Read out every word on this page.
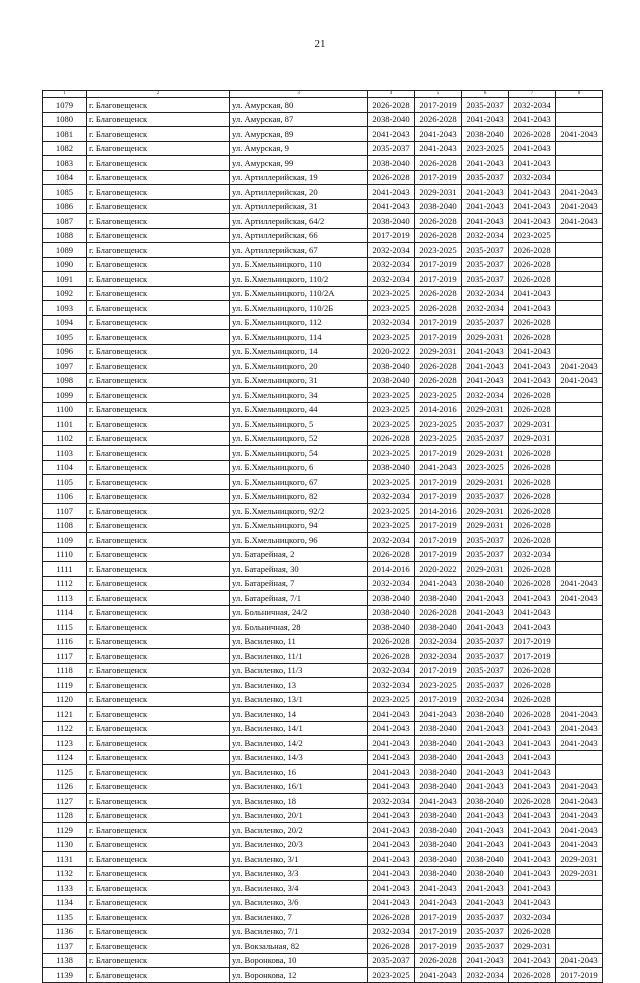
21
1	2	3	4	5	6	7	8
1079	г. Благовещенск	ул. Амурская, 80	2026-2028	2017-2019	2035-2037	2032-2034	
1080	г. Благовещенск	ул. Амурская, 87	2038-2040	2026-2028	2041-2043	2041-2043	
1081	г. Благовещенск	ул. Амурская, 89	2041-2043	2041-2043	2038-2040	2026-2028	2041-2043
1082	г. Благовещенск	ул. Амурская, 9	2035-2037	2041-2043	2023-2025	2041-2043	
1083	г. Благовещенск	ул. Амурская, 99	2038-2040	2026-2028	2041-2043	2041-2043	
1084	г. Благовещенск	ул. Артиллерийская, 19	2026-2028	2017-2019	2035-2037	2032-2034	
1085	г. Благовещенск	ул. Артиллерийская, 20	2041-2043	2029-2031	2041-2043	2041-2043	2041-2043
1086	г. Благовещенск	ул. Артиллерийская, 31	2041-2043	2038-2040	2041-2043	2041-2043	2041-2043
1087	г. Благовещенск	ул. Артиллерийская, 64/2	2038-2040	2026-2028	2041-2043	2041-2043	2041-2043
1088	г. Благовещенск	ул. Артиллерийская, 66	2017-2019	2026-2028	2032-2034	2023-2025	
1089	г. Благовещенск	ул. Артиллерийская, 67	2032-2034	2023-2025	2035-2037	2026-2028	
1090	г. Благовещенск	ул. Б.Хмельницкого, 110	2032-2034	2017-2019	2035-2037	2026-2028	
1091	г. Благовещенск	ул. Б.Хмельницкого, 110/2	2032-2034	2017-2019	2035-2037	2026-2028	
1092	г. Благовещенск	ул. Б.Хмельницкого, 110/2А	2023-2025	2026-2028	2032-2034	2041-2043	
1093	г. Благовещенск	ул. Б.Хмельницкого, 110/2Б	2023-2025	2026-2028	2032-2034	2041-2043	
1094	г. Благовещенск	ул. Б.Хмельницкого, 112	2032-2034	2017-2019	2035-2037	2026-2028	
1095	г. Благовещенск	ул. Б.Хмельницкого, 114	2023-2025	2017-2019	2029-2031	2026-2028	
1096	г. Благовещенск	ул. Б.Хмельницкого, 14	2020-2022	2029-2031	2041-2043	2041-2043	
1097	г. Благовещенск	ул. Б.Хмельницкого, 20	2038-2040	2026-2028	2041-2043	2041-2043	2041-2043
1098	г. Благовещенск	ул. Б.Хмельницкого, 31	2038-2040	2026-2028	2041-2043	2041-2043	2041-2043
1099	г. Благовещенск	ул. Б.Хмельницкого, 34	2023-2025	2023-2025	2032-2034	2026-2028	
1100	г. Благовещенск	ул. Б.Хмельницкого, 44	2023-2025	2014-2016	2029-2031	2026-2028	
1101	г. Благовещенск	ул. Б.Хмельницкого, 5	2023-2025	2023-2025	2035-2037	2029-2031	
1102	г. Благовещенск	ул. Б.Хмельницкого, 52	2026-2028	2023-2025	2035-2037	2029-2031	
1103	г. Благовещенск	ул. Б.Хмельницкого, 54	2023-2025	2017-2019	2029-2031	2026-2028	
1104	г. Благовещенск	ул. Б.Хмельницкого, 6	2038-2040	2041-2043	2023-2025	2026-2028	
1105	г. Благовещенск	ул. Б.Хмельницкого, 67	2023-2025	2017-2019	2029-2031	2026-2028	
1106	г. Благовещенск	ул. Б.Хмельницкого, 82	2032-2034	2017-2019	2035-2037	2026-2028	
1107	г. Благовещенск	ул. Б.Хмельницкого, 92/2	2023-2025	2014-2016	2029-2031	2026-2028	
1108	г. Благовещенск	ул. Б.Хмельницкого, 94	2023-2025	2017-2019	2029-2031	2026-2028	
1109	г. Благовещенск	ул. Б.Хмельницкого, 96	2032-2034	2017-2019	2035-2037	2026-2028	
1110	г. Благовещенск	ул. Батарейная, 2	2026-2028	2017-2019	2035-2037	2032-2034	
1111	г. Благовещенск	ул. Батарейная, 30	2014-2016	2020-2022	2029-2031	2026-2028	
1112	г. Благовещенск	ул. Батарейная, 7	2032-2034	2041-2043	2038-2040	2026-2028	2041-2043
1113	г. Благовещенск	ул. Батарейная, 7/1	2038-2040	2038-2040	2041-2043	2041-2043	2041-2043
1114	г. Благовещенск	ул. Больничная, 24/2	2038-2040	2026-2028	2041-2043	2041-2043	
1115	г. Благовещенск	ул. Больничная, 28	2038-2040	2038-2040	2041-2043	2041-2043	
1116	г. Благовещенск	ул. Василенко, 11	2026-2028	2032-2034	2035-2037	2017-2019	
1117	г. Благовещенск	ул. Василенко, 11/1	2026-2028	2032-2034	2035-2037	2017-2019	
1118	г. Благовещенск	ул. Василенко, 11/3	2032-2034	2017-2019	2035-2037	2026-2028	
1119	г. Благовещенск	ул. Василенко, 13	2032-2034	2023-2025	2035-2037	2026-2028	
1120	г. Благовещенск	ул. Василенко, 13/1	2023-2025	2017-2019	2032-2034	2026-2028	
1121	г. Благовещенск	ул. Василенко, 14	2041-2043	2041-2043	2038-2040	2026-2028	2041-2043
1122	г. Благовещенск	ул. Василенко, 14/1	2041-2043	2038-2040	2041-2043	2041-2043	2041-2043
1123	г. Благовещенск	ул. Василенко, 14/2	2041-2043	2038-2040	2041-2043	2041-2043	2041-2043
1124	г. Благовещенск	ул. Василенко, 14/3	2041-2043	2038-2040	2041-2043	2041-2043	
1125	г. Благовещенск	ул. Василенко, 16	2041-2043	2038-2040	2041-2043	2041-2043	
1126	г. Благовещенск	ул. Василенко, 16/1	2041-2043	2038-2040	2041-2043	2041-2043	2041-2043
1127	г. Благовещенск	ул. Василенко, 18	2032-2034	2041-2043	2038-2040	2026-2028	2041-2043
1128	г. Благовещенск	ул. Василенко, 20/1	2041-2043	2038-2040	2041-2043	2041-2043	2041-2043
1129	г. Благовещенск	ул. Василенко, 20/2	2041-2043	2038-2040	2041-2043	2041-2043	2041-2043
1130	г. Благовещенск	ул. Василенко, 20/3	2041-2043	2038-2040	2041-2043	2041-2043	2041-2043
1131	г. Благовещенск	ул. Василенко, 3/1	2041-2043	2038-2040	2038-2040	2041-2043	2029-2031
1132	г. Благовещенск	ул. Василенко, 3/3	2041-2043	2038-2040	2038-2040	2041-2043	2029-2031
1133	г. Благовещенск	ул. Василенко, 3/4	2041-2043	2041-2043	2041-2043	2041-2043	
1134	г. Благовещенск	ул. Василенко, 3/6	2041-2043	2041-2043	2041-2043	2041-2043	
1135	г. Благовещенск	ул. Василенко, 7	2026-2028	2017-2019	2035-2037	2032-2034	
1136	г. Благовещенск	ул. Василенко, 7/1	2032-2034	2017-2019	2035-2037	2026-2028	
1137	г. Благовещенск	ул. Вокзальная, 82	2026-2028	2017-2019	2035-2037	2029-2031	
1138	г. Благовещенск	ул. Воронкова, 10	2035-2037	2026-2028	2041-2043	2041-2043	2041-2043
1139	г. Благовещенск	ул. Воронкова, 12	2023-2025	2041-2043	2032-2034	2026-2028	2017-2019
